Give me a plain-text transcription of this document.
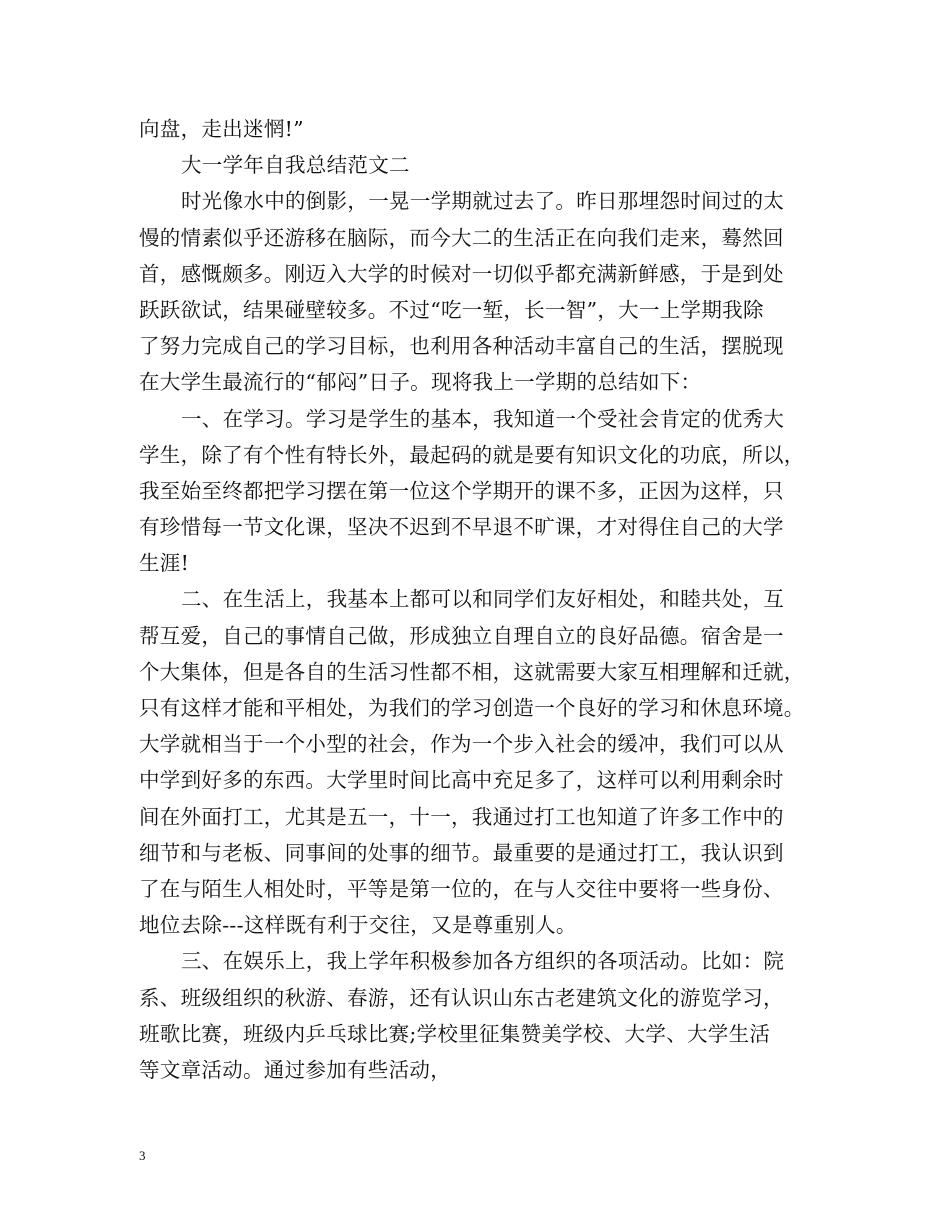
向盘，走出迷惘!”
大一学年自我总结范文二
时光像水中的倒影，一晃一学期就过去了。昨日那埋怨时间过的太
慢的情素似乎还游移在脑际，而今大二的生活正在向我们走来，蓦然回
首，感慨颇多。刚迈入大学的时候对一切似乎都充满新鲜感，于是到处
跃跃欲试，结果碰壁较多。不过“吃一堑，长一智”，大一上学期我除
了努力完成自己的学习目标，也利用各种活动丰富自己的生活，摆脱现
在大学生最流行的“郁闷”日子。现将我上一学期的总结如下：
一、在学习。学习是学生的基本，我知道一个受社会肯定的优秀大
学生，除了有个性有特长外，最起码的就是要有知识文化的功底，所以，
我至始至终都把学习摆在第一位这个学期开的课不多，正因为这样，只
有珍惜每一节文化课，坚决不迟到不早退不旷课，才对得住自己的大学
生涯!
二、在生活上，我基本上都可以和同学们友好相处，和睦共处，互
帮互爱，自己的事情自己做，形成独立自理自立的良好品德。宿舍是一
个大集体，但是各自的生活习性都不相，这就需要大家互相理解和迁就，
只有这样才能和平相处，为我们的学习创造一个良好的学习和休息环境。
大学就相当于一个小型的社会，作为一个步入社会的缓冲，我们可以从
中学到好多的东西。大学里时间比高中充足多了，这样可以利用剩余时
间在外面打工，尤其是五一，十一，我通过打工也知道了许多工作中的
细节和与老板、同事间的处事的细节。最重要的是通过打工，我认识到
了在与陌生人相处时，平等是第一位的，在与人交往中要将一些身份、
地位去除---这样既有利于交往，又是尊重别人。
三、在娱乐上，我上学年积极参加各方组织的各项活动。比如：院
系、班级组织的秋游、春游，还有认识山东古老建筑文化的游览学习，
班歌比赛，班级内乒乓球比赛;学校里征集赞美学校、大学、大学生活
等文章活动。通过参加有些活动，
3
